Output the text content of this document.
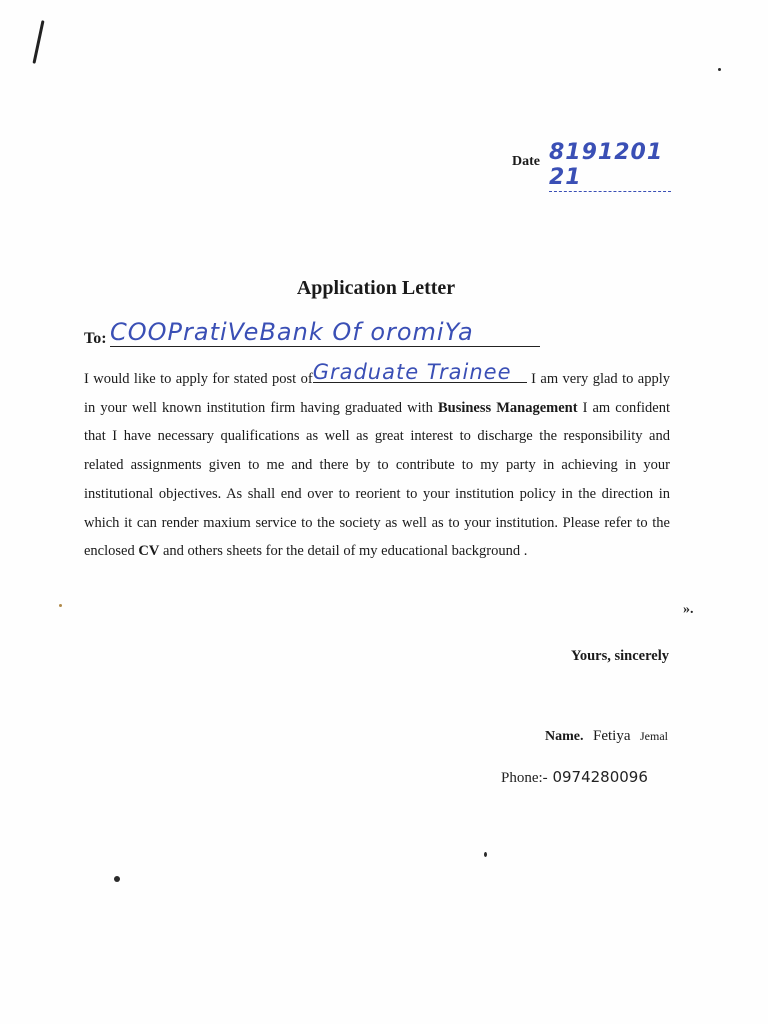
Date 8191201 21
Application Letter
To: COOPratiVeBank Of oromiYa
I would like to apply for stated post ofGraduate Trainee I am very glad to apply in your well known institution firm having graduated with Business Management I am confident that I have necessary qualifications as well as great interest to discharge the responsibility and related assignments given to me and there by to contribute to my party in achieving in your institutional objectives. As shall end over to reorient to your institution policy in the direction in which it can render maxium service to the society as well as to your institution. Please refer to the enclosed CV and others sheets for the detail of my educational background .
».
Yours, sincerely
Name. Fetiya Jemal
Phone:- 0974280096
